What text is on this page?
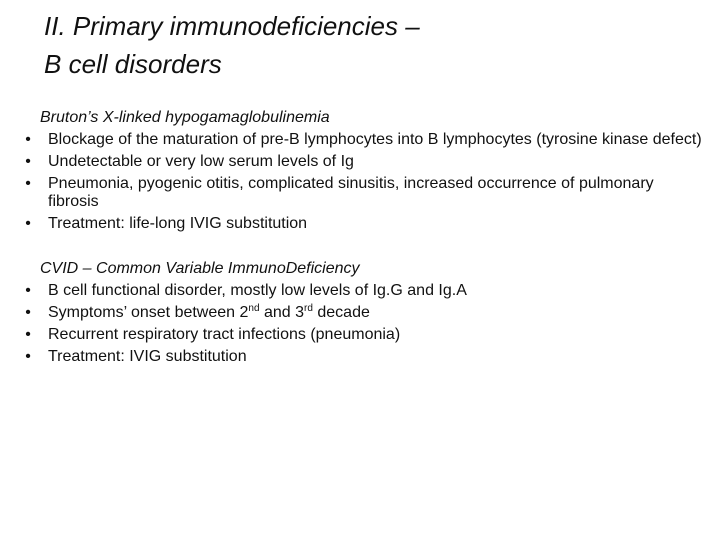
II. Primary immunodeficiencies –
B cell disorders
Bruton’s X-linked hypogamaglobulinemia
• Blockage of the maturation of pre-B lymphocytes into B lymphocytes (tyrosine kinase defect)
• Undetectable or very low serum levels of Ig
• Pneumonia, pyogenic otitis, complicated sinusitis, increased occurrence of pulmonary fibrosis
• Treatment: life-long IVIG substitution
CVID – Common Variable Immuno​Deficiency
• B cell functional disorder, mostly low levels of Ig.G and Ig.A
• Symptoms’ onset between 2nd and 3rd decade
• Recurrent respiratory tract infections (pneumonia)
• Treatment: IVIG substitution
